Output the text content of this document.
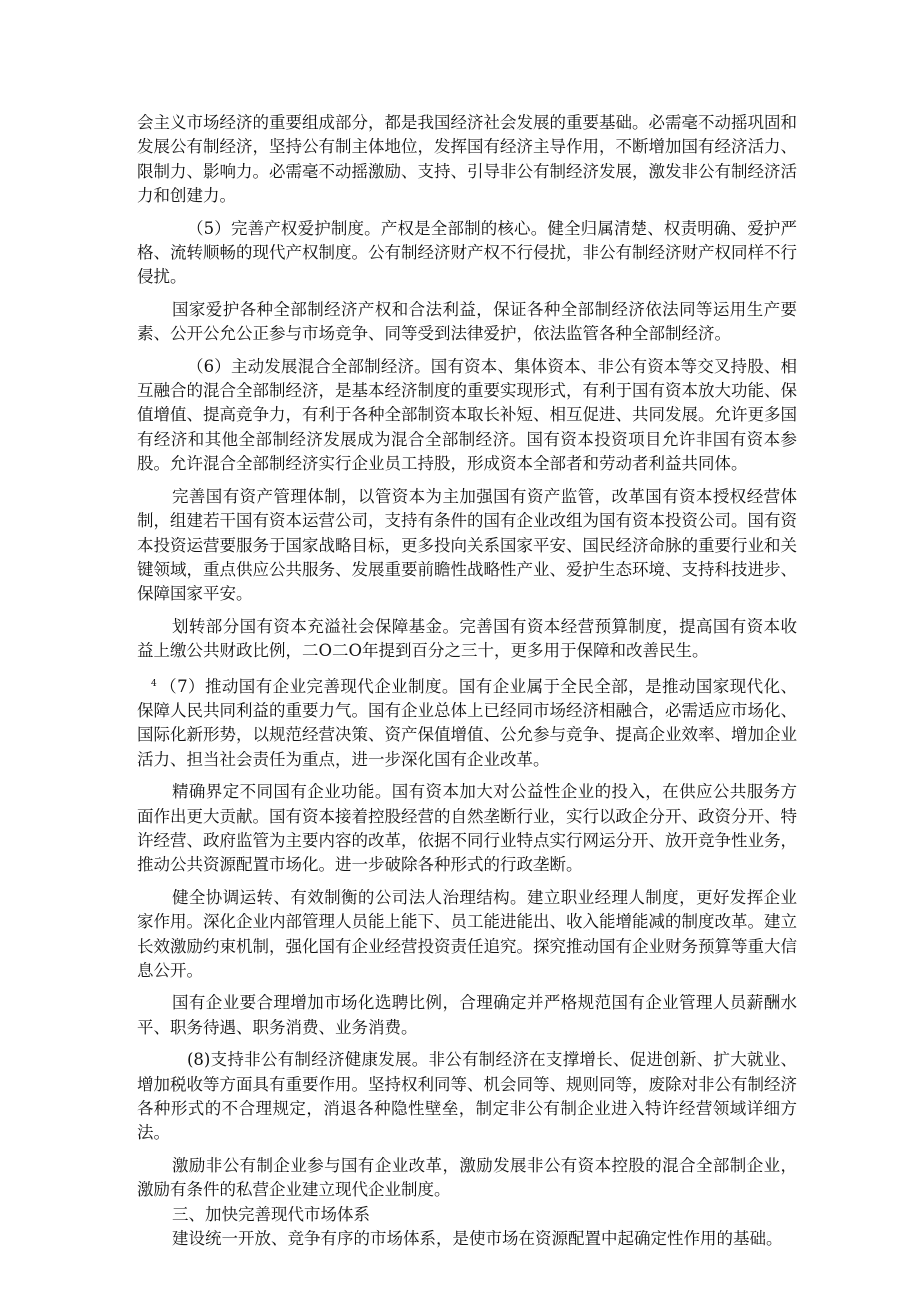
会主义市场经济的重要组成部分，都是我国经济社会发展的重要基础。必需毫不动摇巩固和发展公有制经济，坚持公有制主体地位，发挥国有经济主导作用，不断增加国有经济活力、限制力、影响力。必需毫不动摇激励、支持、引导非公有制经济发展，激发非公有制经济活力和创建力。

（5）完善产权爱护制度。产权是全部制的核心。健全归属清楚、权责明确、爱护严格、流转顺畅的现代产权制度。公有制经济财产权不行侵扰，非公有制经济财产权同样不行侵扰。

国家爱护各种全部制经济产权和合法利益，保证各种全部制经济依法同等运用生产要素、公开公允公正参与市场竞争、同等受到法律爱护，依法监管各种全部制经济。

（6）主动发展混合全部制经济。国有资本、集体资本、非公有资本等交叉持股、相互融合的混合全部制经济，是基本经济制度的重要实现形式，有利于国有资本放大功能、保值增值、提高竞争力，有利于各种全部制资本取长补短、相互促进、共同发展。允许更多国有经济和其他全部制经济发展成为混合全部制经济。国有资本投资项目允许非国有资本参股。允许混合全部制经济实行企业员工持股，形成资本全部者和劳动者利益共同体。

完善国有资产管理体制，以管资本为主加强国有资产监管，改革国有资本授权经营体制，组建若干国有资本运营公司，支持有条件的国有企业改组为国有资本投资公司。国有资本投资运营要服务于国家战略目标，更多投向关系国家平安、国民经济命脉的重要行业和关键领域，重点供应公共服务、发展重要前瞻性战略性产业、爱护生态环境、支持科技进步、保障国家平安。

划转部分国有资本充溢社会保障基金。完善国有资本经营预算制度，提高国有资本收益上缴公共财政比例，二O二O年提到百分之三十，更多用于保障和改善民生。

$^4$ （7）推动国有企业完善现代企业制度。国有企业属于全民全部，是推动国家现代化、保障人民共同利益的重要力气。国有企业总体上已经同市场经济相融合，必需适应市场化、国际化新形势，以规范经营决策、资产保值增值、公允参与竞争、提高企业效率、增加企业活力、担当社会责任为重点，进一步深化国有企业改革。

精确界定不同国有企业功能。国有资本加大对公益性企业的投入，在供应公共服务方面作出更大贡献。国有资本接着控股经营的自然垄断行业，实行以政企分开、政资分开、特许经营、政府监管为主要内容的改革，依据不同行业特点实行网运分开、放开竞争性业务，推动公共资源配置市场化。进一步破除各种形式的行政垄断。

健全协调运转、有效制衡的公司法人治理结构。建立职业经理人制度，更好发挥企业家作用。深化企业内部管理人员能上能下、员工能进能出、收入能增能减的制度改革。建立长效激励约束机制，强化国有企业经营投资责任追究。探究推动国有企业财务预算等重大信息公开。

国有企业要合理增加市场化选聘比例，合理确定并严格规范国有企业管理人员薪酬水平、职务待遇、职务消费、业务消费。

(8)支持非公有制经济健康发展。非公有制经济在支撑增长、促进创新、扩大就业、增加税收等方面具有重要作用。坚持权利同等、机会同等、规则同等，废除对非公有制经济各种形式的不合理规定，消退各种隐性壁垒，制定非公有制企业进入特许经营领域详细方法。

激励非公有制企业参与国有企业改革，激励发展非公有资本控股的混合全部制企业，激励有条件的私营企业建立现代企业制度。

三、加快完善现代市场体系

建设统一开放、竞争有序的市场体系，是使市场在资源配置中起确定性作用的基础。
